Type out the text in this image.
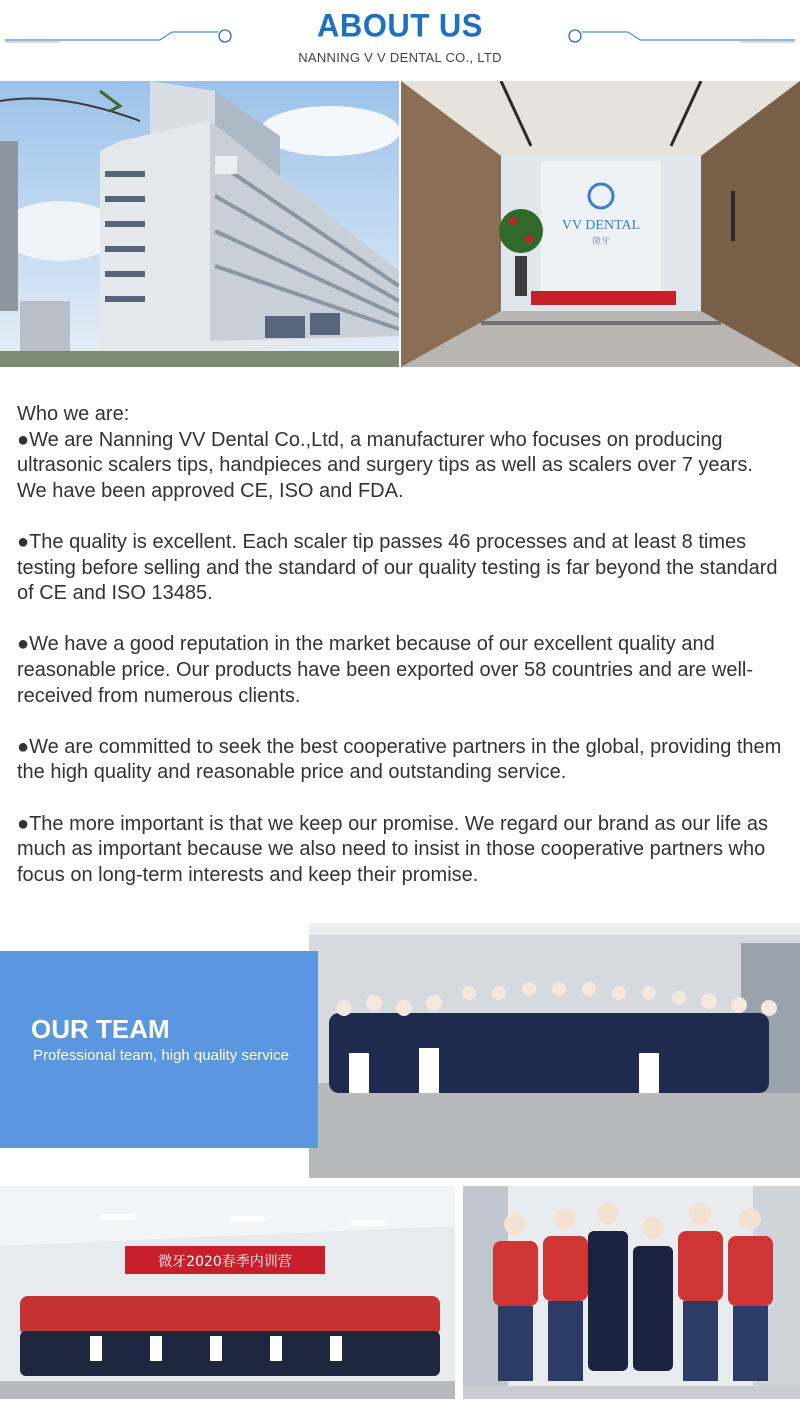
ABOUT US
NANNING V V DENTAL CO., LTD
VV DENTAL
微牙

Who we are:

●We are Nanning VV Dental Co.,Ltd, a manufacturer who focuses on producing ultrasonic scalers tips, handpieces and surgery tips as well as scalers over 7 years. We have been approved CE, ISO and FDA.

●The quality is excellent. Each scaler tip passes 46 processes and at least 8 times testing before selling and the standard of our quality testing is far beyond the standard of CE and ISO 13485.

●We have a good reputation in the market because of our excellent quality and reasonable price. Our products have been exported over 58 countries and are well-received from numerous clients.

●We are committed to seek the best cooperative partners in the global, providing them the high quality and reasonable price and outstanding service.

●The more important is that we keep our promise. We regard our brand as our life as much as important because we also need to insist in those cooperative partners who focus on long-term interests and keep their promise.

OUR TEAM
Professional team, high quality service
微牙2020春季内训营
